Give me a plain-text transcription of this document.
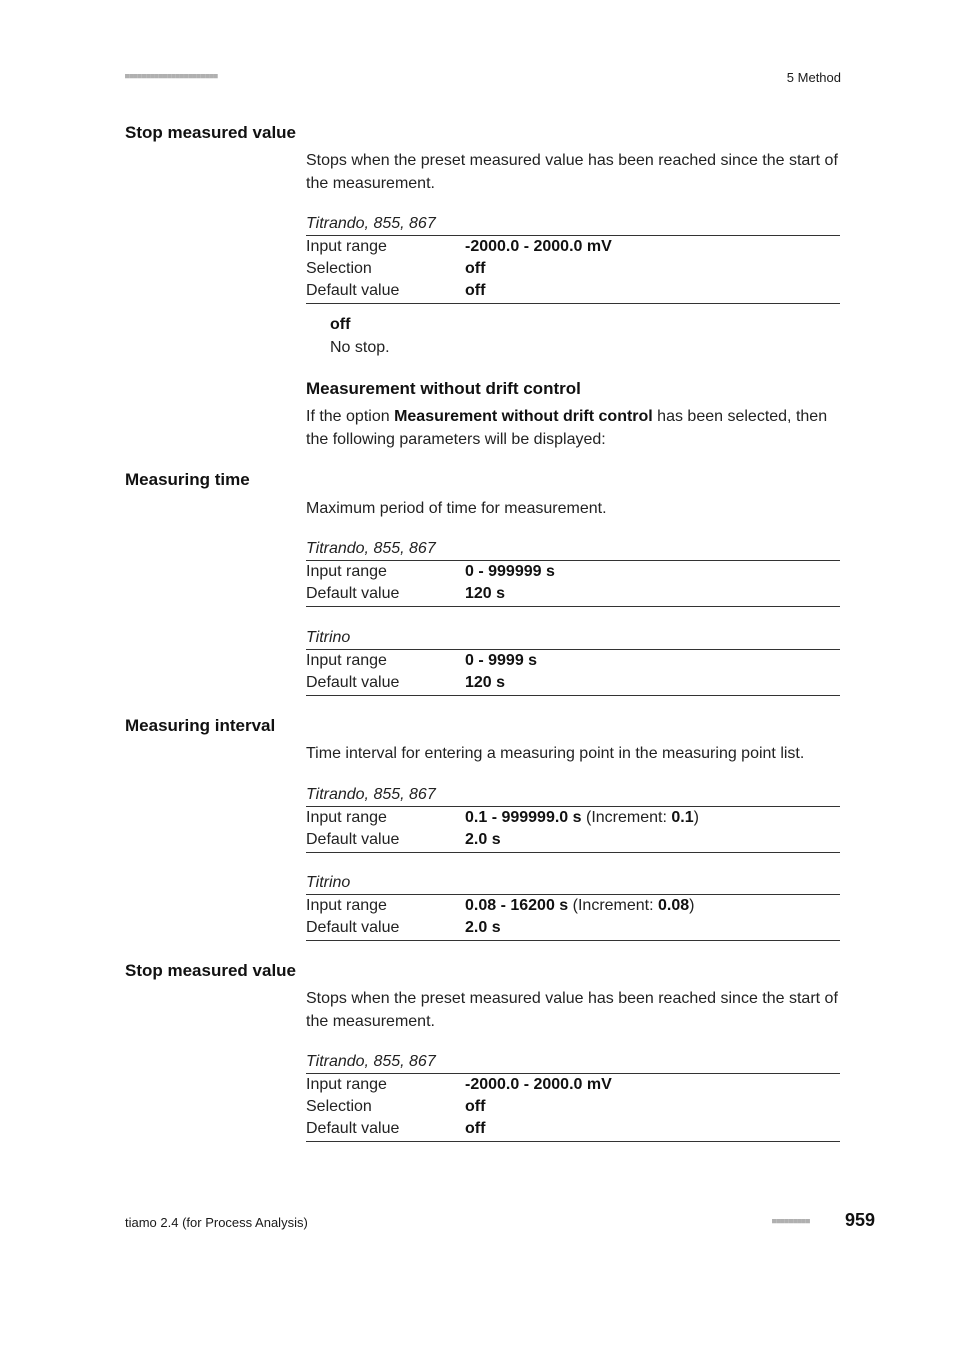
■■■■■■■■■■■■■■■■■■■■■■	5 Method
Stop measured value
Stops when the preset measured value has been reached since the start of the measurement.
Titrando, 855, 867
Input range	-2000.0 - 2000.0 mV
Selection	off
Default value	off
off
No stop.
Measurement without drift control
If the option Measurement without drift control has been selected, then the following parameters will be displayed:
Measuring time
Maximum period of time for measurement.
Titrando, 855, 867
Input range	0 - 999999 s
Default value	120 s
Titrino
Input range	0 - 9999 s
Default value	120 s
Measuring interval
Time interval for entering a measuring point in the measuring point list.
Titrando, 855, 867
Input range	0.1 - 999999.0 s (Increment: 0.1)
Default value	2.0 s
Titrino
Input range	0.08 - 16200 s (Increment: 0.08)
Default value	2.0 s
Stop measured value
Stops when the preset measured value has been reached since the start of the measurement.
Titrando, 855, 867
Input range	-2000.0 - 2000.0 mV
Selection	off
Default value	off
tiamo 2.4 (for Process Analysis)	■■■■■■■■■ 959
